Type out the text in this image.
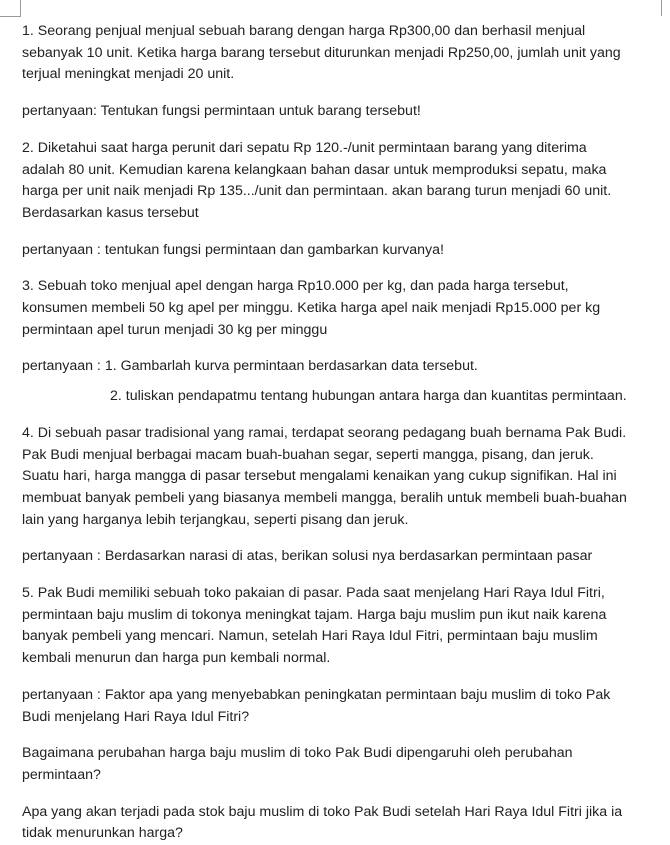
1. Seorang penjual menjual sebuah barang dengan harga Rp300,00 dan berhasil menjual
sebanyak 10 unit. Ketika harga barang tersebut diturunkan menjadi Rp250,00, jumlah unit yang
terjual meningkat menjadi 20 unit.

pertanyaan: Tentukan fungsi permintaan untuk barang tersebut!

2. Diketahui saat harga perunit dari sepatu Rp 120.-/unit permintaan barang yang diterima
adalah 80 unit. Kemudian karena kelangkaan bahan dasar untuk memproduksi sepatu, maka
harga per unit naik menjadi Rp 135.../unit dan permintaan. akan barang turun menjadi 60 unit.
Berdasarkan kasus tersebut

pertanyaan : tentukan fungsi permintaan dan gambarkan kurvanya!

3. Sebuah toko menjual apel dengan harga Rp10.000 per kg, dan pada harga tersebut,
konsumen membeli 50 kg apel per minggu. Ketika harga apel naik menjadi Rp15.000 per kg
permintaan apel turun menjadi 30 kg per minggu

pertanyaan : 1. Gambarlah kurva permintaan berdasarkan data tersebut.

2. tuliskan pendapatmu tentang hubungan antara harga dan kuantitas permintaan.

4. Di sebuah pasar tradisional yang ramai, terdapat seorang pedagang buah bernama Pak Budi.
Pak Budi menjual berbagai macam buah-buahan segar, seperti mangga, pisang, dan jeruk.
Suatu hari, harga mangga di pasar tersebut mengalami kenaikan yang cukup signifikan. Hal ini
membuat banyak pembeli yang biasanya membeli mangga, beralih untuk membeli buah-buahan
lain yang harganya lebih terjangkau, seperti pisang dan jeruk.

pertanyaan : Berdasarkan narasi di atas, berikan solusi nya berdasarkan permintaan pasar

5. Pak Budi memiliki sebuah toko pakaian di pasar. Pada saat menjelang Hari Raya Idul Fitri,
permintaan baju muslim di tokonya meningkat tajam. Harga baju muslim pun ikut naik karena
banyak pembeli yang mencari. Namun, setelah Hari Raya Idul Fitri, permintaan baju muslim
kembali menurun dan harga pun kembali normal.

pertanyaan : Faktor apa yang menyebabkan peningkatan permintaan baju muslim di toko Pak
Budi menjelang Hari Raya Idul Fitri?

Bagaimana perubahan harga baju muslim di toko Pak Budi dipengaruhi oleh perubahan
permintaan?

Apa yang akan terjadi pada stok baju muslim di toko Pak Budi setelah Hari Raya Idul Fitri jika ia
tidak menurunkan harga?
